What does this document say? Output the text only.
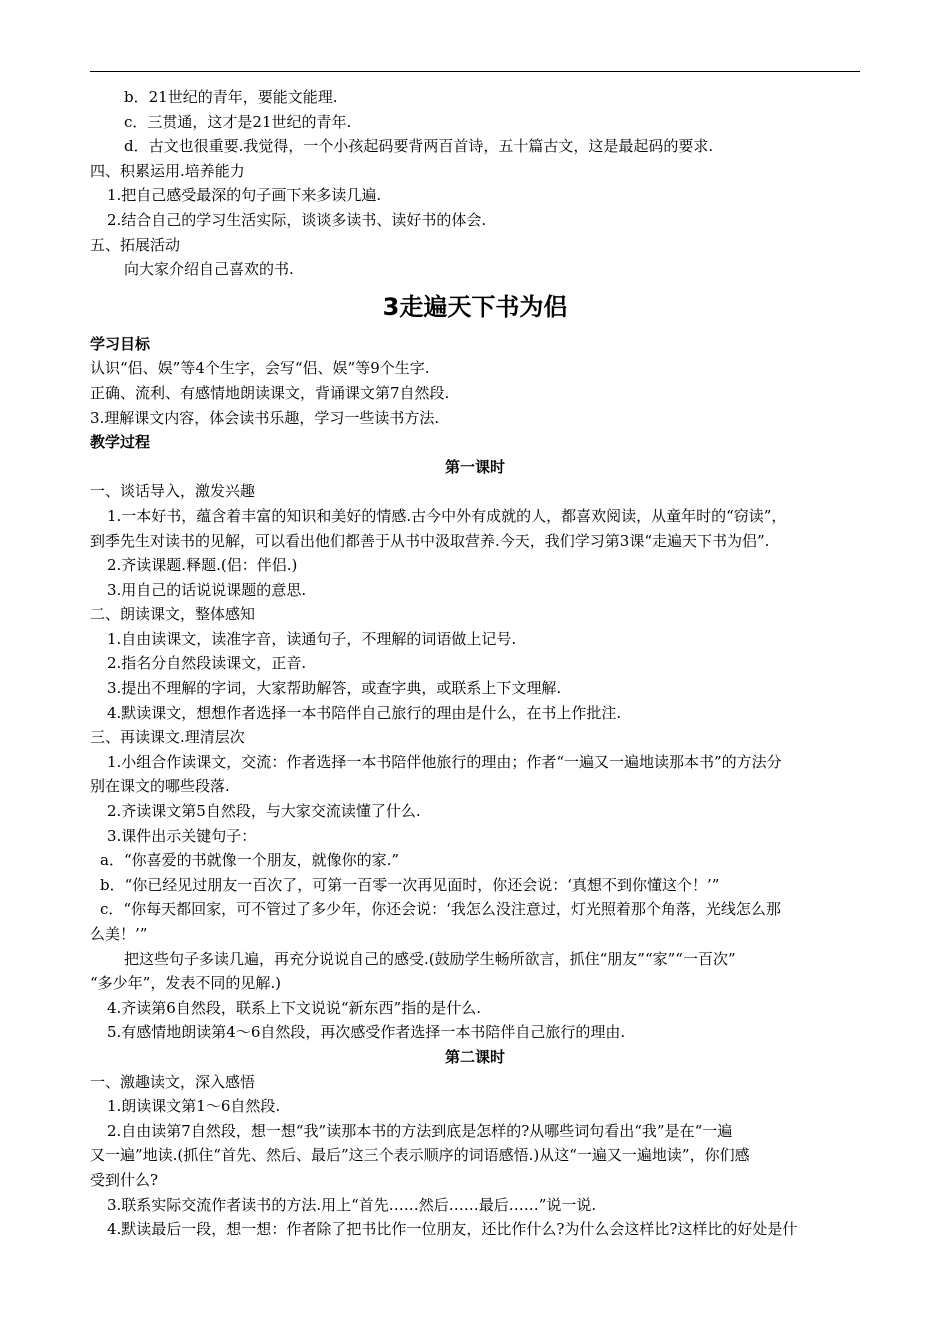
b．21世纪的青年，要能文能理.
c．三贯通，这才是21世纪的青年.
d．古文也很重要.我觉得，一个小孩起码要背两百首诗，五十篇古文，这是最起码的要求.
四、积累运用.培养能力
1.把自己感受最深的句子画下来多读几遍.
2.结合自己的学习生活实际，谈谈多读书、读好书的体会.
五、拓展活动
向大家介绍自己喜欢的书.
3走遍天下书为侣
学习目标
认识“侣、娱”等4个生字，会写“侣、娱”等9个生字.
正确、流利、有感情地朗读课文，背诵课文第7自然段.
3.理解课文内容，体会读书乐趣，学习一些读书方法.
教学过程
第一课时
一、谈话导入，激发兴趣
1.一本好书，蕴含着丰富的知识和美好的情感.古今中外有成就的人，都喜欢阅读，从童年时的“窃读”，
到季先生对读书的见解，可以看出他们都善于从书中汲取营养.今天，我们学习第3课“走遍天下书为侣”.
2.齐读课题.释题.(侣：伴侣.)
3.用自己的话说说课题的意思.
二、朗读课文，整体感知
1.自由读课文，读准字音，读通句子，不理解的词语做上记号.
2.指名分自然段读课文，正音.
3.提出不理解的字词，大家帮助解答，或查字典，或联系上下文理解.
4.默读课文，想想作者选择一本书陪伴自己旅行的理由是什么，在书上作批注.
三、再读课文.理清层次
1.小组合作读课文，交流：作者选择一本书陪伴他旅行的理由；作者“一遍又一遍地读那本书”的方法分
别在课文的哪些段落.
2.齐读课文第5自然段，与大家交流读懂了什么.
3.课件出示关键句子：
a．“你喜爱的书就像一个朋友，就像你的家.”
b．“你已经见过朋友一百次了，可第一百零一次再见面时，你还会说：‘真想不到你懂这个！’”
c．“你每天都回家，可不管过了多少年，你还会说：‘我怎么没注意过，灯光照着那个角落，光线怎么那
么美！’”
把这些句子多读几遍，再充分说说自己的感受.(鼓励学生畅所欲言，抓住“朋友”“家”“一百次”
“多少年”，发表不同的见解.)
4.齐读第6自然段，联系上下文说说“新东西”指的是什么.
5.有感情地朗读第4～6自然段，再次感受作者选择一本书陪伴自己旅行的理由.
第二课时
一、激趣读文，深入感悟
1.朗读课文第1～6自然段.
2.自由读第7自然段，想一想“我”读那本书的方法到底是怎样的?从哪些词句看出“我”是在“一遍
又一遍”地读.(抓住“首先、然后、最后”这三个表示顺序的词语感悟.)从这“一遍又一遍地读”，你们感
受到什么?
3.联系实际交流作者读书的方法.用上“首先……然后……最后……”说一说.
4.默读最后一段，想一想：作者除了把书比作一位朋友，还比作什么?为什么会这样比?这样比的好处是什
